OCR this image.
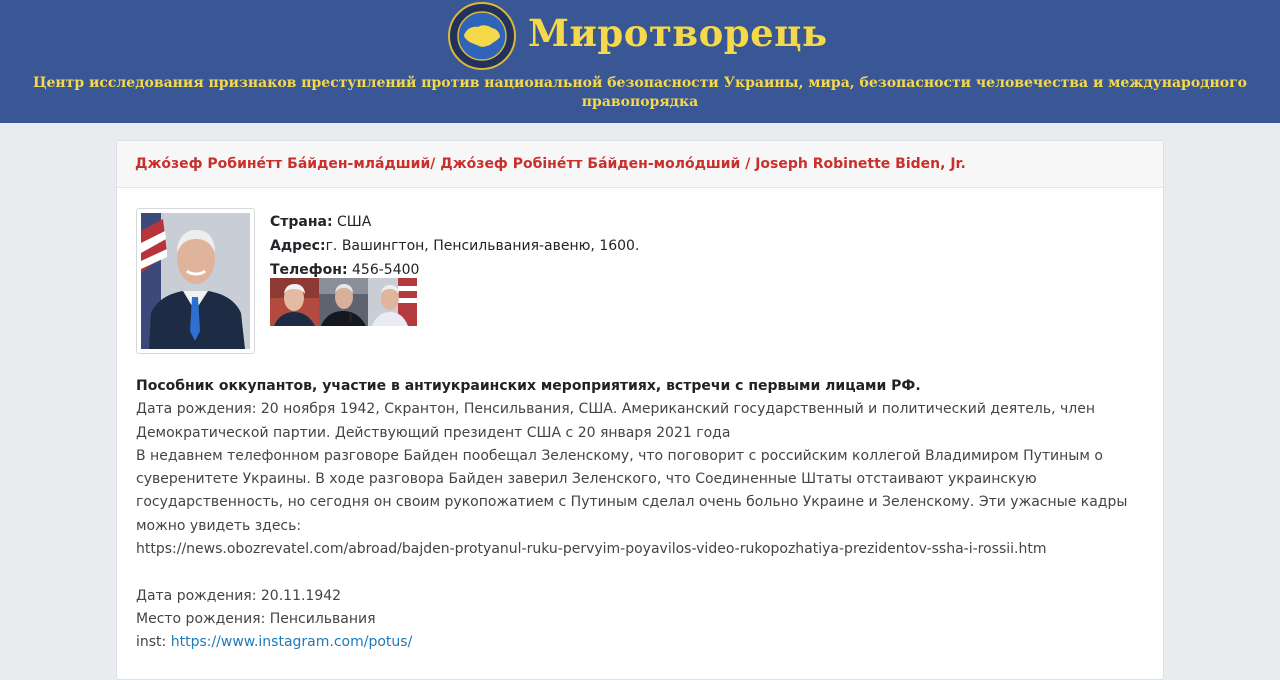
Миротворець
Центр исследования признаков преступлений против национальной безопасности Украины, мира, безопасности человечества и международного правопорядка
Джо́зеф Робине́тт Ба́йден-мла́дший/ Джо́зеф Робіне́тт Ба́йден-моло́дший / Joseph Robinette Biden, Jr.
Страна: США
Адрес:г. Вашингтон, Пенсильвания-авеню, 1600.
Телефон: 456-5400
Пособник оккупантов, участие в антиукраинских мероприятиях, встречи с первыми лицами РФ.
Дата рождения: 20 ноября 1942, Скрантон, Пенсильвания, США. Американский государственный и политический деятель, член Демократической партии. Действующий президент США с 20 января 2021 года
В недавнем телефонном разговоре Байден пообещал Зеленскому, что поговорит с российским коллегой Владимиром Путиным о суверенитете Украины. В ходе разговора Байден заверил Зеленского, что Соединенные Штаты отстаивают украинскую государственность, но сегодня он своим рукопожатием с Путиным сделал очень больно Украине и Зеленскому. Эти ужасные кадры можно увидеть здесь:
https://news.obozrevatel.com/abroad/bajden-protyanul-ruku-pervyim-poyavilos-video-rukopozhatiya-prezidentov-ssha-i-rossii.htm
Дата рождения: 20.11.1942
Место рождения: Пенсильвания
inst: https://www.instagram.com/potus/
